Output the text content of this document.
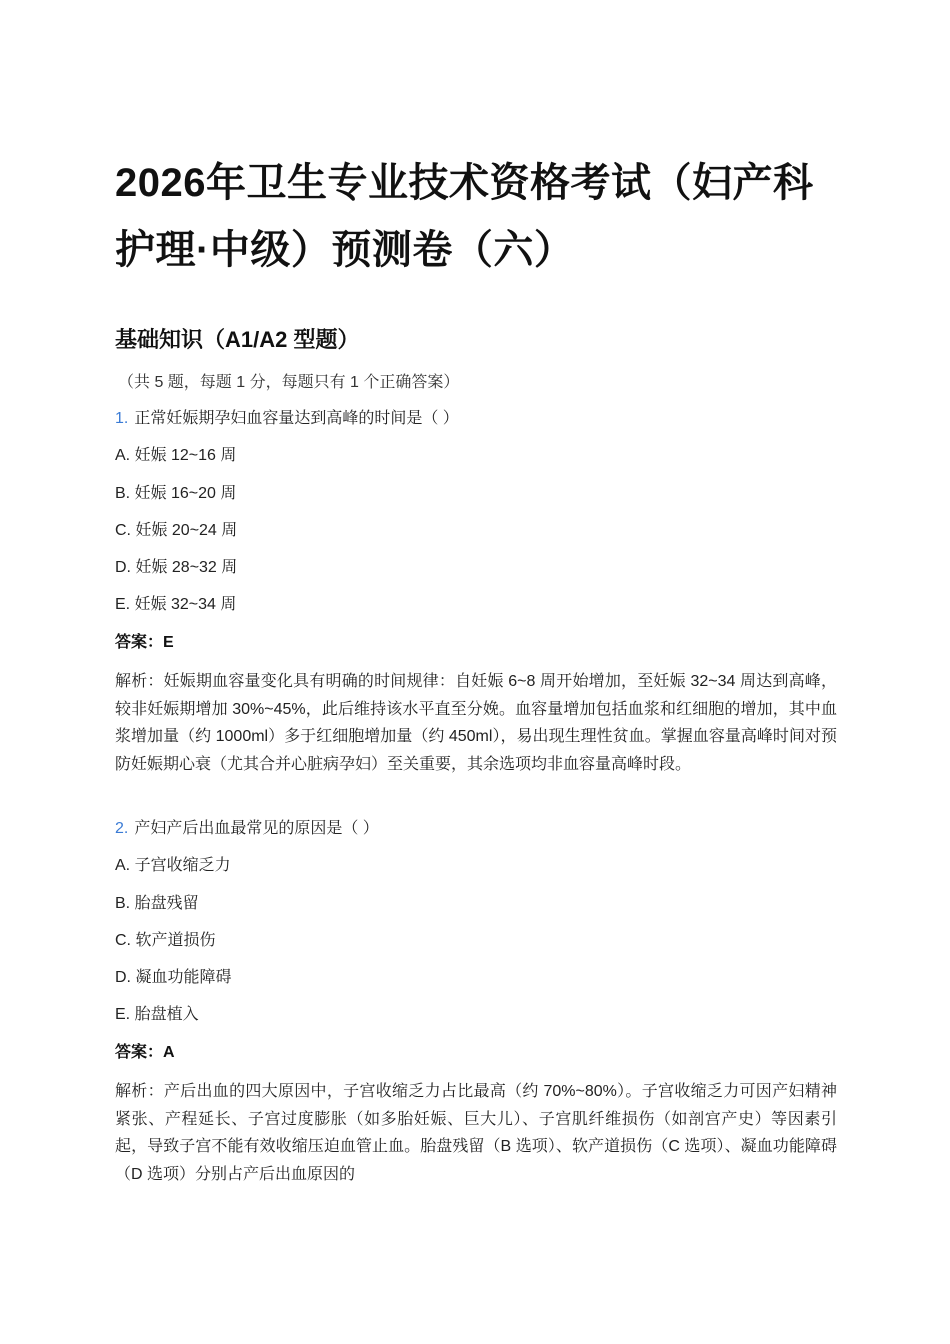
2026年卫生专业技术资格考试（妇产科护理·中级）预测卷（六）
基础知识（A1/A2 型题）
（共 5 题，每题 1 分，每题只有 1 个正确答案）
1. 正常妊娠期孕妇血容量达到高峰的时间是（ ）
A. 妊娠 12~16 周
B. 妊娠 16~20 周
C. 妊娠 20~24 周
D. 妊娠 28~32 周
E. 妊娠 32~34 周
答案：E

解析：妊娠期血容量变化具有明确的时间规律：自妊娠 6~8 周开始增加，至妊娠 32~34 周达到高峰，较非妊娠期增加 30%~45%，此后维持该水平直至分娩。血容量增加包括血浆和红细胞的增加，其中血浆增加量（约 1000ml）多于红细胞增加量（约 450ml），易出现生理性贫血。掌握血容量高峰时间对预防妊娠期心衰（尤其合并心脏病孕妇）至关重要，其余选项均非血容量高峰时段。

2. 产妇产后出血最常见的原因是（ ）
A. 子宫收缩乏力
B. 胎盘残留
C. 软产道损伤
D. 凝血功能障碍
E. 胎盘植入
答案：A

解析：产后出血的四大原因中，子宫收缩乏力占比最高（约 70%~80%）。子宫收缩乏力可因产妇精神紧张、产程延长、子宫过度膨胀（如多胎妊娠、巨大儿）、子宫肌纤维损伤（如剖宫产史）等因素引起，导致子宫不能有效收缩压迫血管止血。胎盘残留（B 选项）、软产道损伤（C 选项）、凝血功能障碍（D 选项）分别占产后出血原因的
